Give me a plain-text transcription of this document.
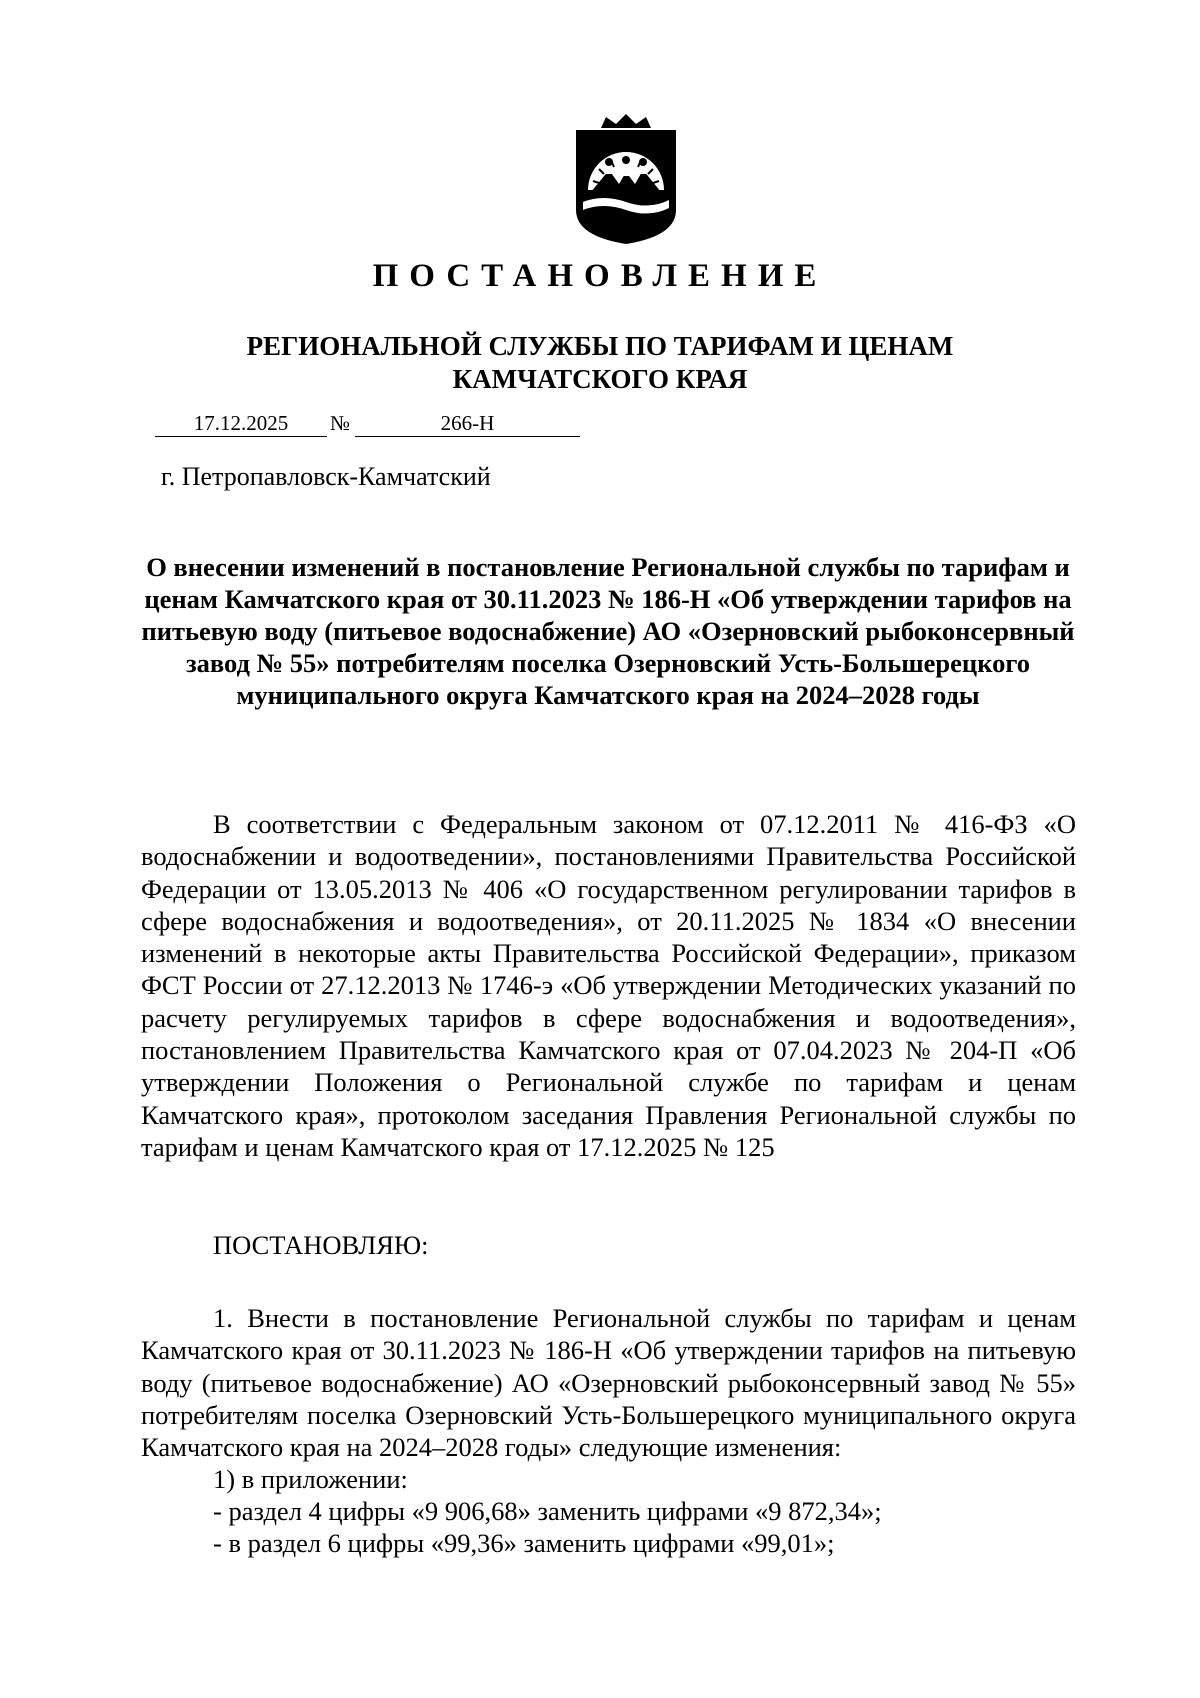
ПОСТАНОВЛЕНИЕ
РЕГИОНАЛЬНОЙ СЛУЖБЫ ПО ТАРИФАМ И ЦЕНАМ
КАМЧАТСКОГО КРАЯ
17.12.2025	№	266-Н
г. Петропавловск-Камчатский
О внесении изменений в постановление Региональной службы по тарифам и ценам Камчатского края от 30.11.2023 № 186-Н «Об утверждении тарифов на питьевую воду (питьевое водоснабжение) АО «Озерновский рыбоконсервный завод № 55» потребителям поселка Озерновский Усть-Большерецкого муниципального округа Камчатского края на 2024–2028 годы
В соответствии с Федеральным законом от 07.12.2011 № 416-ФЗ «О водоснабжении и водоотведении», постановлениями Правительства Российской Федерации от 13.05.2013 № 406 «О государственном регулировании тарифов в сфере водоснабжения и водоотведения», от 20.11.2025 № 1834 «О внесении изменений в некоторые акты Правительства Российской Федерации», приказом ФСТ России от 27.12.2013 № 1746-э «Об утверждении Методических указаний по расчету регулируемых тарифов в сфере водоснабжения и водоотведения», постановлением Правительства Камчатского края от 07.04.2023 № 204-П «Об утверждении Положения о Региональной службе по тарифам и ценам Камчатского края», протоколом заседания Правления Региональной службы по тарифам и ценам Камчатского края от 17.12.2025 № 125
ПОСТАНОВЛЯЮ:
1. Внести в постановление Региональной службы по тарифам и ценам Камчатского края от 30.11.2023 № 186-Н «Об утверждении тарифов на питьевую воду (питьевое водоснабжение) АО «Озерновский рыбоконсервный завод № 55» потребителям поселка Озерновский Усть-Большерецкого муниципального округа Камчатского края на 2024–2028 годы» следующие изменения:
1) в приложении:
- раздел 4 цифры «9 906,68» заменить цифрами «9 872,34»;
- в раздел 6 цифры «99,36» заменить цифрами «99,01»;
